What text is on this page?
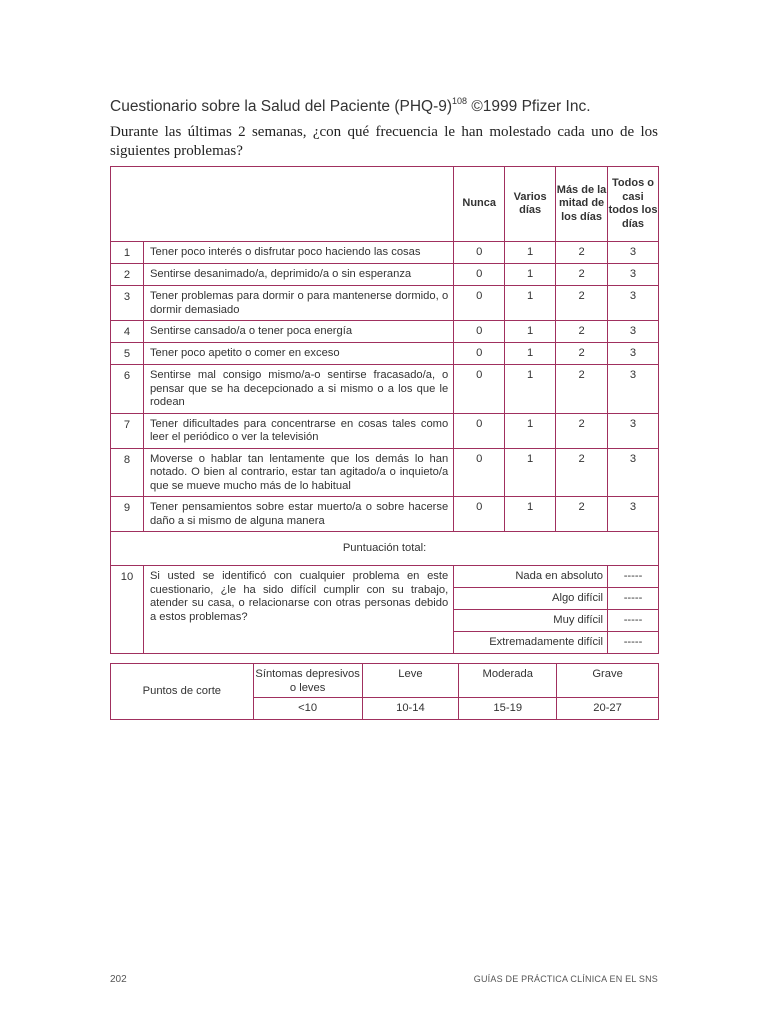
Cuestionario sobre la Salud del Paciente $(PHQ-9)^{108}$ ©1999 Pfizer Inc.
Durante las últimas 2 semanas, ¿con qué frecuencia le han molestado cada uno de los siguientes problemas?
		Nunca	Varios días	Más de la mitad de los días	Todos o casi todos los días
1	Tener poco interés o disfrutar poco haciendo las cosas	0	1	2	3
2	Sentirse desanimado/a, deprimido/a o sin esperanza	0	1	2	3
3	Tener problemas para dormir o para mantenerse dormido, o dormir demasiado	0	1	2	3
4	Sentirse cansado/a o tener poca energía	0	1	2	3
5	Tener poco apetito o comer en exceso	0	1	2	3
6	Sentirse mal consigo mismo/a-o sentirse fracasado/a, o pensar que se ha decepcionado a si mismo o a los que le rodean	0	1	2	3
7	Tener dificultades para concentrarse en cosas tales como leer el periódico o ver la televisión	0	1	2	3
8	Moverse o hablar tan lentamente que los demás lo han notado. O bien al contrario, estar tan agitado/a o inquieto/a que se mueve mucho más de lo habitual	0	1	2	3
9	Tener pensamientos sobre estar muerto/a o sobre hacerse daño a si mismo de alguna manera	0	1	2	3
Puntuación total:					
10	Si usted se identificó con cualquier problema en este cuestionario, ¿le ha sido difícil cumplir con su trabajo, atender su casa, o relacionarse con otras personas debido a estos problemas?	Nada en absoluto			-----
		Algo difícil			-----
		Muy difícil			-----
		Extremadamente difícil			-----
Puntos de corte	Síntomas depresivos o leves	Leve	Moderada	Grave
	<10	10-14	15-19	20-27
202	GUÍAS DE PRÁCTICA CLÍNICA EN EL SNS
